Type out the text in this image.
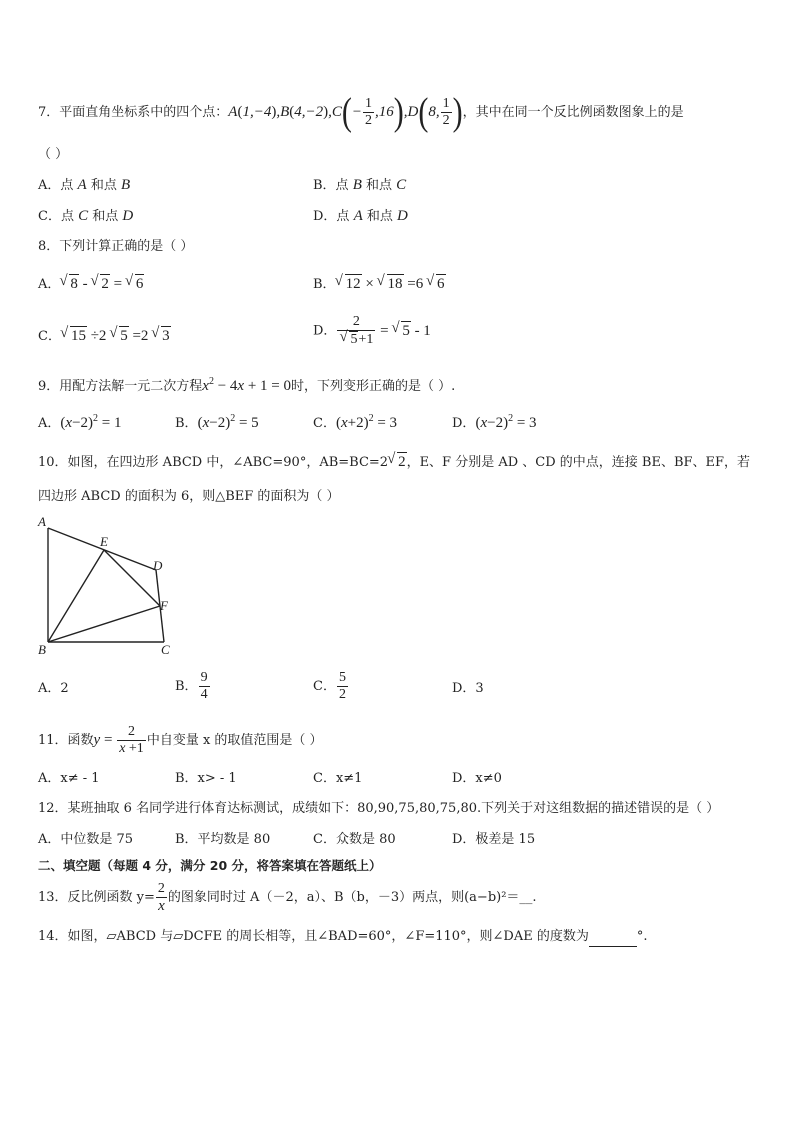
7．平面直角坐标系中的四个点：$A(1,-4),B(4,-2),C(- \frac{1}{2} ,16),D(8$, $\frac{1}{2}$ )，其中在同一个反比例函数图象上的是
（ ）
A．点 A 和点 B	B．点 B 和点 C
C．点 C 和点 D	D．点 A 和点 D
8．下列计算正确的是（ ）
A． √ 8 - √ 2 = √ 6	B． √ 12 × √ 18 =6 √ 6
C． √ 15 ÷2 √ 5 =2 √ 3	D． 2
√ 5+1 = √ 5 - 1
9．用配方法解一元二次方程$x^2 - 4x + 1 = 0$时，下列变形正确的是（ ）.
A．$(x-2)^2 = 1$	B．$(x-2)^2 = 5$	C．$(x+2)^2 = 3$	D．$(x-2)^2 = 3$
10．如图，在四边形 ABCD 中，∠ABC=90°，AB=BC=2 √ 2，E、F 分别是 AD 、CD 的中点，连接 BE、BF、EF，若
四边形 ABCD 的面积为 6，则△BEF 的面积为（ ）
A
E
D
F
B	C
A．2	B． $\frac{9}{4}$	C． $\frac{5}{2}$	D．3
11．函数$y = \frac{2}{x +1}$ 中自变量 x 的取值范围是（ ）
A．x≠ - 1	B．x> - 1	C．x≠1	D．x≠0
12．某班抽取 6 名同学进行体育达标测试，成绩如下：80,90,75,80,75,80.下列关于对这组数据的描述错误的是（ ）
A．中位数是 75	B．平均数是 80	C．众数是 80	D．极差是 15
二、填空题（每题 4 分，满分 20 分，将答案填在答题纸上）
13．反比例函数 $y= \frac{2}{x}$ 的图象同时过 A（－2，a）、B（b，－3）两点，则(a−b)²＝__.
14．如图，▱ABCD 与▱DCFE 的周长相等，且∠BAD=60°，∠F=110°，则∠DAE 的度数为	°.
